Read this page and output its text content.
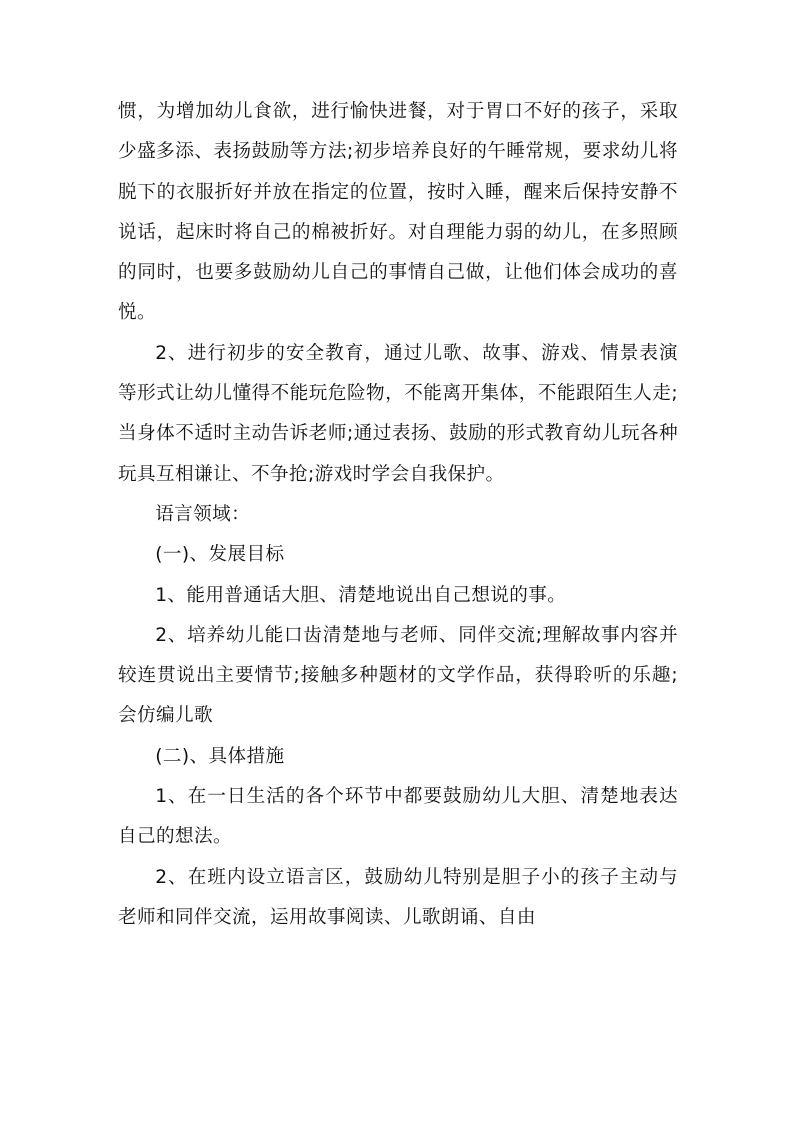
惯，为增加幼儿食欲，进行愉快进餐，对于胃口不好的孩子，采取少盛多添、表扬鼓励等方法;初步培养良好的午睡常规，要求幼儿将脱下的衣服折好并放在指定的位置，按时入睡，醒来后保持安静不说话，起床时将自己的棉被折好。对自理能力弱的幼儿，在多照顾的同时，也要多鼓励幼儿自己的事情自己做，让他们体会成功的喜悦。

2、进行初步的安全教育，通过儿歌、故事、游戏、情景表演等形式让幼儿懂得不能玩危险物，不能离开集体，不能跟陌生人走;当身体不适时主动告诉老师;通过表扬、鼓励的形式教育幼儿玩各种玩具互相谦让、不争抢;游戏时学会自我保护。

语言领域：

(一)、发展目标

1、能用普通话大胆、清楚地说出自己想说的事。

2、培养幼儿能口齿清楚地与老师、同伴交流;理解故事内容并较连贯说出主要情节;接触多种题材的文学作品，获得聆听的乐趣;会仿编儿歌

(二)、具体措施

1、在一日生活的各个环节中都要鼓励幼儿大胆、清楚地表达自己的想法。

2、在班内设立语言区，鼓励幼儿特别是胆子小的孩子主动与老师和同伴交流，运用故事阅读、儿歌朗诵、自由
